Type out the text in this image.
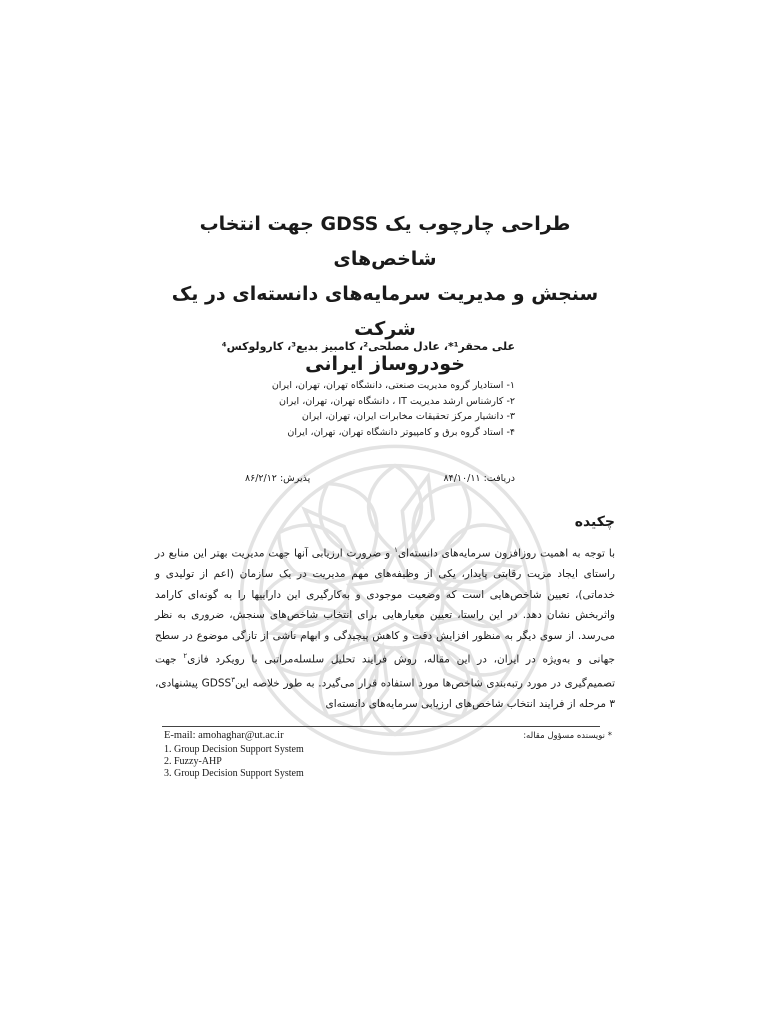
طراحی چارچوب یک GDSS جهت انتخاب شاخص‌های
سنجش و مدیریت سرمایه‌های دانسته‌ای در یک شرکت
خودروساز ایرانی
علی محقر¹*، عادل مصلحی²، کامبیز بدیع³، کارولوکس⁴
۱- استادیار گروه مدیریت صنعتی، دانشگاه تهران، تهران، ایران
۲- کارشناس ارشد مدیریت IT ، دانشگاه تهران، تهران، ایران
۳- دانشیار مرکز تحقیقات مخابرات ایران، تهران، ایران
۴- استاد گروه برق و کامپیوتر دانشگاه تهران، تهران، ایران
دریافت: ۸۴/۱۰/۱۱
پذیرش: ۸۶/۲/۱۲
چکیده

با توجه به اهمیت روزافزون سرمایه‌های دانسته‌ای$^۱$ و ضرورت ارزیابی آنها جهت مدیریت بهتر این منابع در راستای ایجاد مزیت رقابتی پایدار، یکی از وظیفه‌های مهم مدیریت در یک سازمان (اعم از تولیدی و خدماتی)، تعیین شاخص‌هایی است که وضعیت موجودی و به‌کارگیری این داراییها را به گونه‌ای کارامد واثربخش نشان دهد. در این راستا، تعیین معیارهایی برای انتخاب شاخص‌های سنجش، ضروری به نظر می‌رسد. از سوی دیگر به منظور افزایش دقت و کاهش پیچیدگی و ابهام ناشی از تازگی موضوع در سطح جهانی و به‌ویژه در ایران، در این مقاله، روش فرایند تحلیل سلسله‌مراتبی با رویکرد فازی$^۲$ جهت تصمیم‌گیری در مورد رتبه‌بندی شاخص‌ها مورد استفاده قرار می‌گیرد. به طور خلاصه اینGDSS$^۳$ پیشنهادی، ۳ مرحله از فرایند انتخاب شاخص‌های ارزیابی سرمایه‌های دانسته‌ای

E-mail: amohaghar@ut.ac.ir	* نویسنده مسؤول مقاله:
1. Group Decision Support System
2. Fuzzy-AHP
3. Group Decision Support System
